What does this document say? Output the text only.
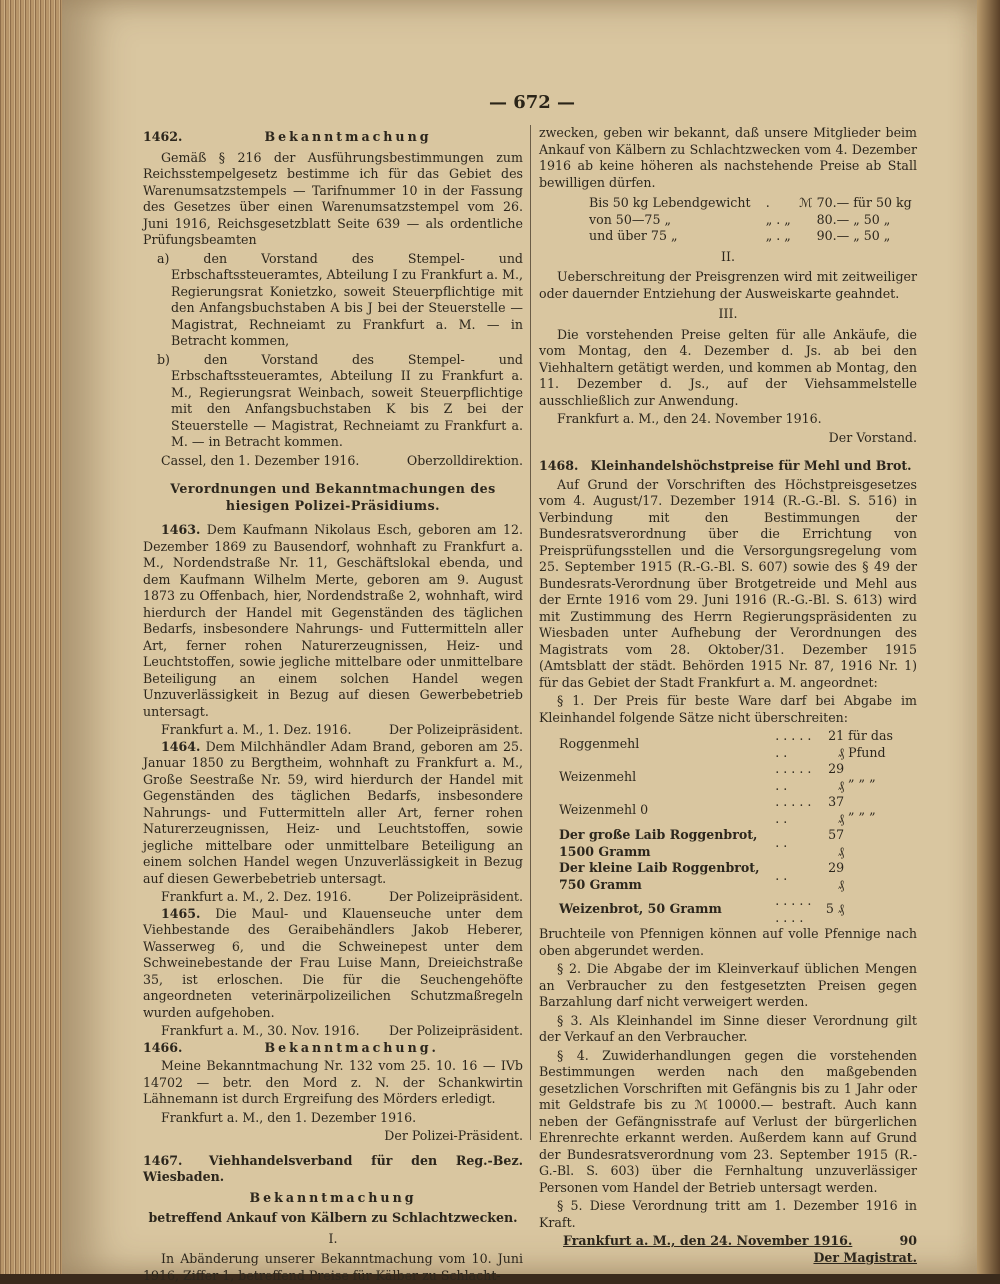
— 672 —

1462.	Bekanntmachung

Gemäß § 216 der Ausführungsbestimmungen zum Reichsstempelgesetz bestimme ich für das Gebiet des Warenumsatzstempels — Tarifnummer 10 in der Fassung des Gesetzes über einen Warenumsatzstempel vom 26. Juni 1916, Reichsgesetzblatt Seite 639 — als ordentliche Prüfungsbeamten

a) den Vorstand des Stempel- und Erbschaftssteueramtes, Abteilung I zu Frankfurt a. M., Regierungsrat Konietzko, soweit Steuerpflichtige mit den Anfangsbuchstaben A bis J bei der Steuerstelle — Magistrat, Rechneiamt zu Frankfurt a. M. — in Betracht kommen,

b) den Vorstand des Stempel- und Erbschaftssteueramtes, Abteilung II zu Frankfurt a. M., Regierungsrat Weinbach, soweit Steuerpflichtige mit den Anfangsbuchstaben K bis Z bei der Steuerstelle — Magistrat, Rechneiamt zu Frankfurt a. M. — in Betracht kommen.

Cassel, den 1. Dezember 1916.	Oberzolldirektion.

Verordnungen und Bekanntmachungen des hiesigen Polizei-Präsidiums.

1463. Dem Kaufmann Nikolaus Esch, geboren am 12. Dezember 1869 zu Bausendorf, wohnhaft zu Frankfurt a. M., Nordendstraße Nr. 11, Geschäftslokal ebenda, und dem Kaufmann Wilhelm Merte, geboren am 9. August 1873 zu Offenbach, hier, Nordendstraße 2, wohnhaft, wird hierdurch der Handel mit Gegenständen des täglichen Bedarfs, insbesondere Nahrungs- und Futtermitteln aller Art, ferner rohen Naturerzeugnissen, Heiz- und Leuchtstoffen, sowie jegliche mittelbare oder unmittelbare Beteiligung an einem solchen Handel wegen Unzuverlässigkeit in Bezug auf diesen Gewerbebetrieb untersagt.

Frankfurt a. M., 1. Dez. 1916.	Der Polizeipräsident.

1464. Dem Milchhändler Adam Brand, geboren am 25. Januar 1850 zu Bergtheim, wohnhaft zu Frankfurt a. M., Große Seestraße Nr. 59, wird hierdurch der Handel mit Gegenständen des täglichen Bedarfs, insbesondere Nahrungs- und Futtermitteln aller Art, ferner rohen Naturerzeugnissen, Heiz- und Leuchtstoffen, sowie jegliche mittelbare oder unmittelbare Beteiligung an einem solchen Handel wegen Unzuverlässigkeit in Bezug auf diesen Gewerbebetrieb untersagt.

Frankfurt a. M., 2. Dez. 1916.	Der Polizeipräsident.

1465. Die Maul- und Klauenseuche unter dem Viehbestande des Geraibehändlers Jakob Heberer, Wasserweg 6, und die Schweinepest unter dem Schweinebestande der Frau Luise Mann, Dreieichstraße 35, ist erloschen. Die für die Seuchengehöfte angeordneten veterinärpolizeilichen Schutzmaßregeln wurden aufgehoben.

Frankfurt a. M., 30. Nov. 1916. Der Polizeipräsident.

1466.	Bekanntmachung.

Meine Bekanntmachung Nr. 132 vom 25. 10. 16 — IVb 14702 — betr. den Mord z. N. der Schankwirtin Lähnemann ist durch Ergreifung des Mörders erledigt.

Frankfurt a. M., den 1. Dezember 1916.

Der Polizei-Präsident.

1467. Viehhandelsverband für den Reg.-Bez. Wiesbaden.

Bekanntmachung

betreffend Ankauf von Kälbern zu Schlachtzwecken.

I.

In Abänderung unserer Bekanntmachung vom 10. Juni 1916, Ziffer 1, betreffend Preise für Kälber zu Schlacht-

zwecken, geben wir bekannt, daß unsere Mitglieder beim Ankauf von Kälbern zu Schlachtzwecken vom 4. Dezember 1916 ab keine höheren als nachstehende Preise ab Stall bewilligen dürfen.

Bis 50 kg Lebendgewicht	.	ℳ 70.—	für 50 kg
von 50—75 „	„ . „	80.—	„ 50 „
und über 75 „	„ . „	90.—	„ 50 „

II.

Ueberschreitung der Preisgrenzen wird mit zeitweiliger oder dauernder Entziehung der Ausweiskarte geahndet.

III.

Die vorstehenden Preise gelten für alle Ankäufe, die vom Montag, den 4. Dezember d. Js. ab bei den Viehhaltern getätigt werden, und kommen ab Montag, den 11. Dezember d. Js., auf der Viehsammelstelle ausschließlich zur Anwendung.

Frankfurt a. M., den 24. November 1916.

Der Vorstand.

1468. Kleinhandelshöchstpreise für Mehl und Brot.

Auf Grund der Vorschriften des Höchstpreisgesetzes vom 4. August/17. Dezember 1914 (R.-G.-Bl. S. 516) in Verbindung mit den Bestimmungen der Bundesratsverordnung über die Errichtung von Preisprüfungsstellen und die Versorgungsregelung vom 25. September 1915 (R.-G.-Bl. S. 607) sowie des § 49 der Bundesrats-Verordnung über Brotgetreide und Mehl aus der Ernte 1916 vom 29. Juni 1916 (R.-G.-Bl. S. 613) wird mit Zustimmung des Herrn Regierungspräsidenten zu Wiesbaden unter Aufhebung der Verordnungen des Magistrats vom 28. Oktober/31. Dezember 1915 (Amtsblatt der städt. Behörden 1915 Nr. 87, 1916 Nr. 1) für das Gebiet der Stadt Frankfurt a. M. angeordnet:

§ 1. Der Preis für beste Ware darf bei Abgabe im Kleinhandel folgende Sätze nicht überschreiten:

Roggenmehl	. . . . . . .	21 ₰	für das Pfund
Weizenmehl	. . . . . . .	29 ₰	„ „ „
Weizenmehl 0	. . . . . . .	37 ₰	„ „ „
Der große Laib Roggenbrot, 1500 Gramm	. .	57 ₰	
Der kleine Laib Roggenbrot, 750 Gramm	. .	29 ₰	
Weizenbrot, 50 Gramm	. . . . . . . . .	5 ₰	

Bruchteile von Pfennigen können auf volle Pfennige nach oben abgerundet werden.

§ 2. Die Abgabe der im Kleinverkauf üblichen Mengen an Verbraucher zu den festgesetzten Preisen gegen Barzahlung darf nicht verweigert werden.

§ 3. Als Kleinhandel im Sinne dieser Verordnung gilt der Verkauf an den Verbraucher.

§ 4. Zuwiderhandlungen gegen die vorstehenden Bestimmungen werden nach den maßgebenden gesetzlichen Vorschriften mit Gefängnis bis zu 1 Jahr oder mit Geldstrafe bis zu ℳ 10000.— bestraft. Auch kann neben der Gefängnisstrafe auf Verlust der bürgerlichen Ehrenrechte erkannt werden. Außerdem kann auf Grund der Bundesratsverordnung vom 23. September 1915 (R.-G.-Bl. S. 603) über die Fernhaltung unzuverlässiger Personen vom Handel der Betrieb untersagt werden.

§ 5. Diese Verordnung tritt am 1. Dezember 1916 in Kraft.

Frankfurt a. M., den 24. November 1916.	90

Der Magistrat.
